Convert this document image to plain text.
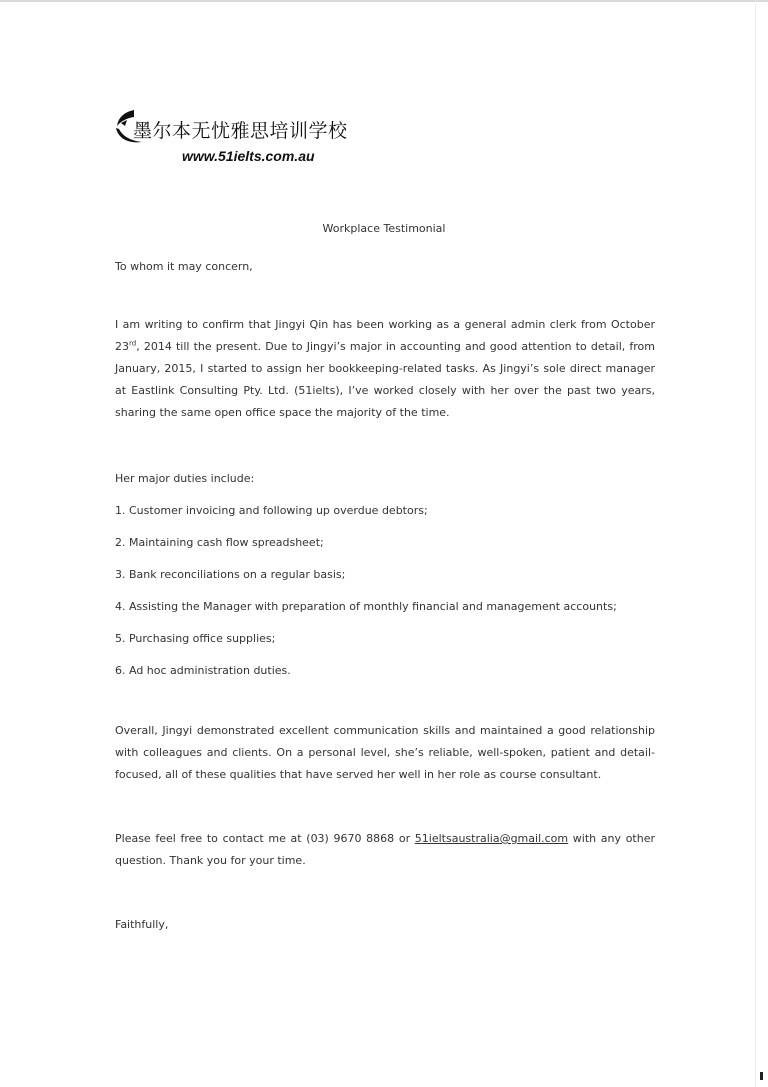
墨尔本无忧雅思培训学校
www.51ielts.com.au
Workplace Testimonial
To whom it may concern,
I am writing to confirm that Jingyi Qin has been working as a general admin clerk from October 23rd, 2014 till the present. Due to Jingyi’s major in accounting and good attention to detail, from January, 2015, I started to assign her bookkeeping-related tasks. As Jingyi’s sole direct manager at Eastlink Consulting Pty. Ltd. (51ielts), I’ve worked closely with her over the past two years, sharing the same open office space the majority of the time.
Her major duties include:
1. Customer invoicing and following up overdue debtors;
2. Maintaining cash flow spreadsheet;
3. Bank reconciliations on a regular basis;
4. Assisting the Manager with preparation of monthly financial and management accounts;
5. Purchasing office supplies;
6. Ad hoc administration duties.
Overall, Jingyi demonstrated excellent communication skills and maintained a good relationship with colleagues and clients. On a personal level, she’s reliable, well-spoken, patient and detail-focused, all of these qualities that have served her well in her role as course consultant.
Please feel free to contact me at (03) 9670 8868 or 51ieltsaustralia@gmail.com with any other question. Thank you for your time.
Faithfully,
